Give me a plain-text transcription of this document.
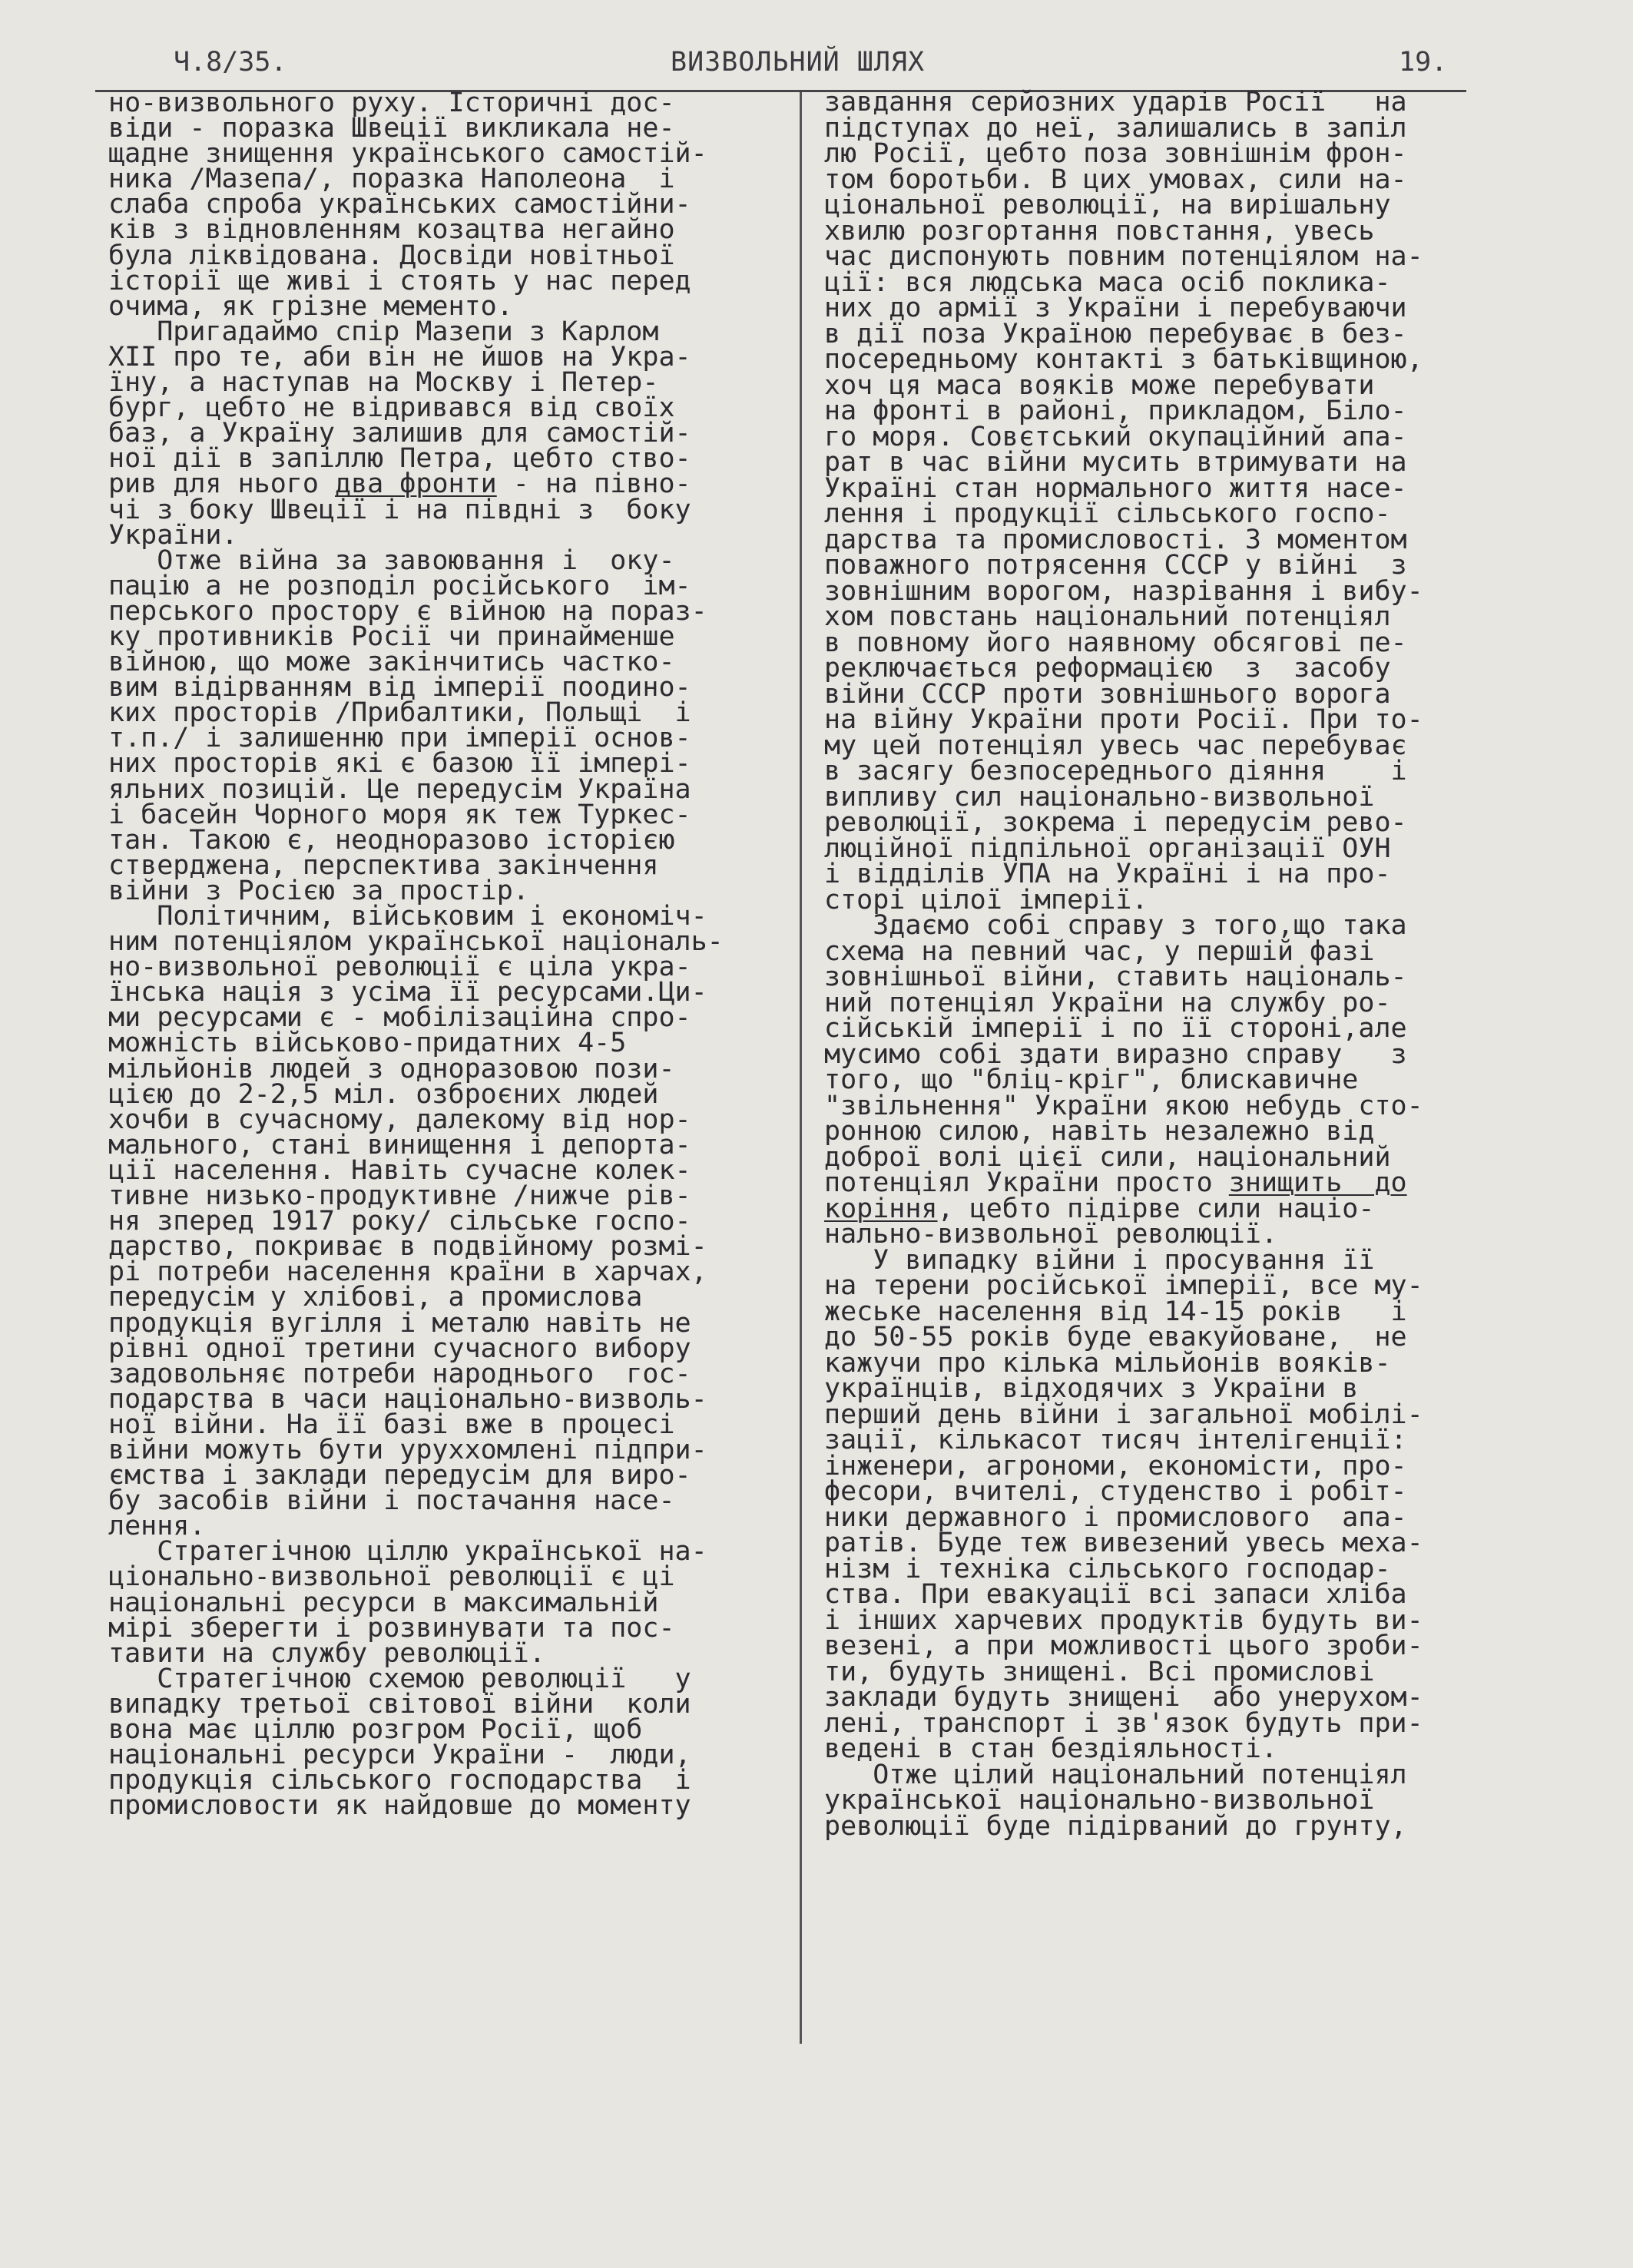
Ч.8/35.	ВИЗВОЛЬНИЙ ШЛЯХ	19.
но-визвольного руху. Історичні дос-
віди - поразка Швеції викликала не-
щадне знищення українського самостій-
ника /Мазепа/, поразка Наполеона  і
слаба спроба українських самостійни-
ків з відновленням козацтва негайно
була ліквідована. Досвіди новітньої
історії ще живі і стоять у нас перед
очима, як грізне мементо.
Пригадаймо спір Мазепи з Карлом
XII про те, аби він не йшов на Укра-
їну, а наступав на Москву і Петер-
бург, цебто не відривався від своїх
баз, а Україну залишив для самостій-
ної дії в запіллю Петра, цебто ство-
рив для нього два фронти - на півно-
чі з боку Швеції і на півдні з  боку
України.
Отже війна за завоювання і  оку-
пацію а не розподіл російського  ім-
перського простору є війною на пораз-
ку противників Росії чи принайменше
війною, що може закінчитись частко-
вим відірванням від імперії поодино-
ких просторів /Прибалтики, Польщі  і
т.п./ і залишенню при імперії основ-
них просторів які є базою її імпері-
яльних позицій. Це передусім Україна
і басейн Чорного моря як теж Туркес-
тан. Такою є, неодноразово історією
стверджена, перспектива закінчення
війни з Росією за простір.
Політичним, військовим і економіч-
ним потенціялом української національ-
но-визвольної революції є ціла укра-
їнська нація з усіма її ресурсами.Ци-
ми ресурсами є - мобілізаційна спро-
можність військово-придатних 4-5
мільйонів людей з одноразовою пози-
цією до 2-2,5 міл. озброєних людей
хочби в сучасному, далекому від нор-
мального, стані винищення і депорта-
ції населення. Навіть сучасне колек-
тивне низько-продуктивне /нижче рів-
ня зперед 1917 року/ сільське госпо-
дарство, покриває в подвійному розмі-
рі потреби населення країни в харчах,
передусім у хлібові, а промислова
продукція вугілля і металю навіть не
рівні одної третини сучасного вибору
задовольняє потреби народнього  гос-
подарства в часи національно-визволь-
ної війни. На її базі вже в процесі
війни можуть бути уруххомлені підпри-
ємства і заклади передусім для виро-
бу засобів війни і постачання насе-
лення.
Стратегічною ціллю української на-
ціонально-визвольної революції є ці
національні ресурси в максимальній
мірі зберегти і розвинувати та пос-
тавити на службу революції.
Стратегічною схемою революції   у
випадку третьої світової війни  коли
вона має ціллю розгром Росії, щоб
національні ресурси України -  люди,
продукція сільського господарства  і
промисловости як найдовше до моменту
завдання серйозних ударів Росії   на
підступах до неї, залишались в запіл
лю Росії, цебто поза зовнішнім фрон-
том боротьби. В цих умовах, сили на-
ціональної революції, на вирішальну
хвилю розгортання повстання, увесь
час диспонують повним потенціялом на-
ції: вся людська маса осіб поклика-
них до армії з України і перебуваючи
в дії поза Україною перебуває в без-
посередньому контакті з батьківщиною,
хоч ця маса вояків може перебувати
на фронті в районі, прикладом, Біло-
го моря. Совєтський окупаційний апа-
рат в час війни мусить втримувати на
Україні стан нормального життя насе-
лення і продукції сільського госпо-
дарства та промисловості. З моментом
поважного потрясення СССР у війні  з
зовнішним ворогом, назрівання і вибу-
хом повстань національний потенціял
в повному його наявному обсягові пе-
реключається реформацією  з  засобу
війни СССР проти зовнішнього ворога
на війну України проти Росії. При то-
му цей потенціял увесь час перебуває
в засягу безпосереднього діяння    і
випливу сил національно-визвольної
революції, зокрема і передусім рево-
люційної підпільної організації ОУН
і відділів УПА на Україні і на про-
сторі цілої імперії.
Здаємо собі справу з того,що така
схема на певний час, у першій фазі
зовнішньої війни, ставить національ-
ний потенціял України на службу ро-
сійській імперії і по її стороні,але
мусимо собі здати виразно справу   з
того, що "бліц-кріг", блискавичне
"звільнення" України якою небудь сто-
ронною силою, навіть незалежно від
доброї волі цієї сили, національний
потенціял України просто знищить  до
коріння, цебто підірве сили націо-
нально-визвольної революції.
У випадку війни і просування її
на терени російської імперії, все му-
жеське населення від 14-15 років   і
до 50-55 років буде евакуйоване,  не
кажучи про кілька мільйонів вояків-
українців, відходячих з України в
перший день війни і загальної мобілі-
зації, кількасот тисяч інтелігенції:
інженери, агрономи, економісти, про-
фесори, вчителі, студенство і робіт-
ники державного і промислового  апа-
ратів. Буде теж вивезений увесь меха-
нізм і техніка сільського господар-
ства. При евакуації всі запаси хліба
і інших харчевих продуктів будуть ви-
везені, а при можливості цього зроби-
ти, будуть знищені. Всі промислові
заклади будуть знищені  або унерухом-
лені, транспорт і зв'язок будуть при-
ведені в стан бездіяльності.
Отже цілий національний потенціял
української національно-визвольної
революції буде підірваний до грунту,
